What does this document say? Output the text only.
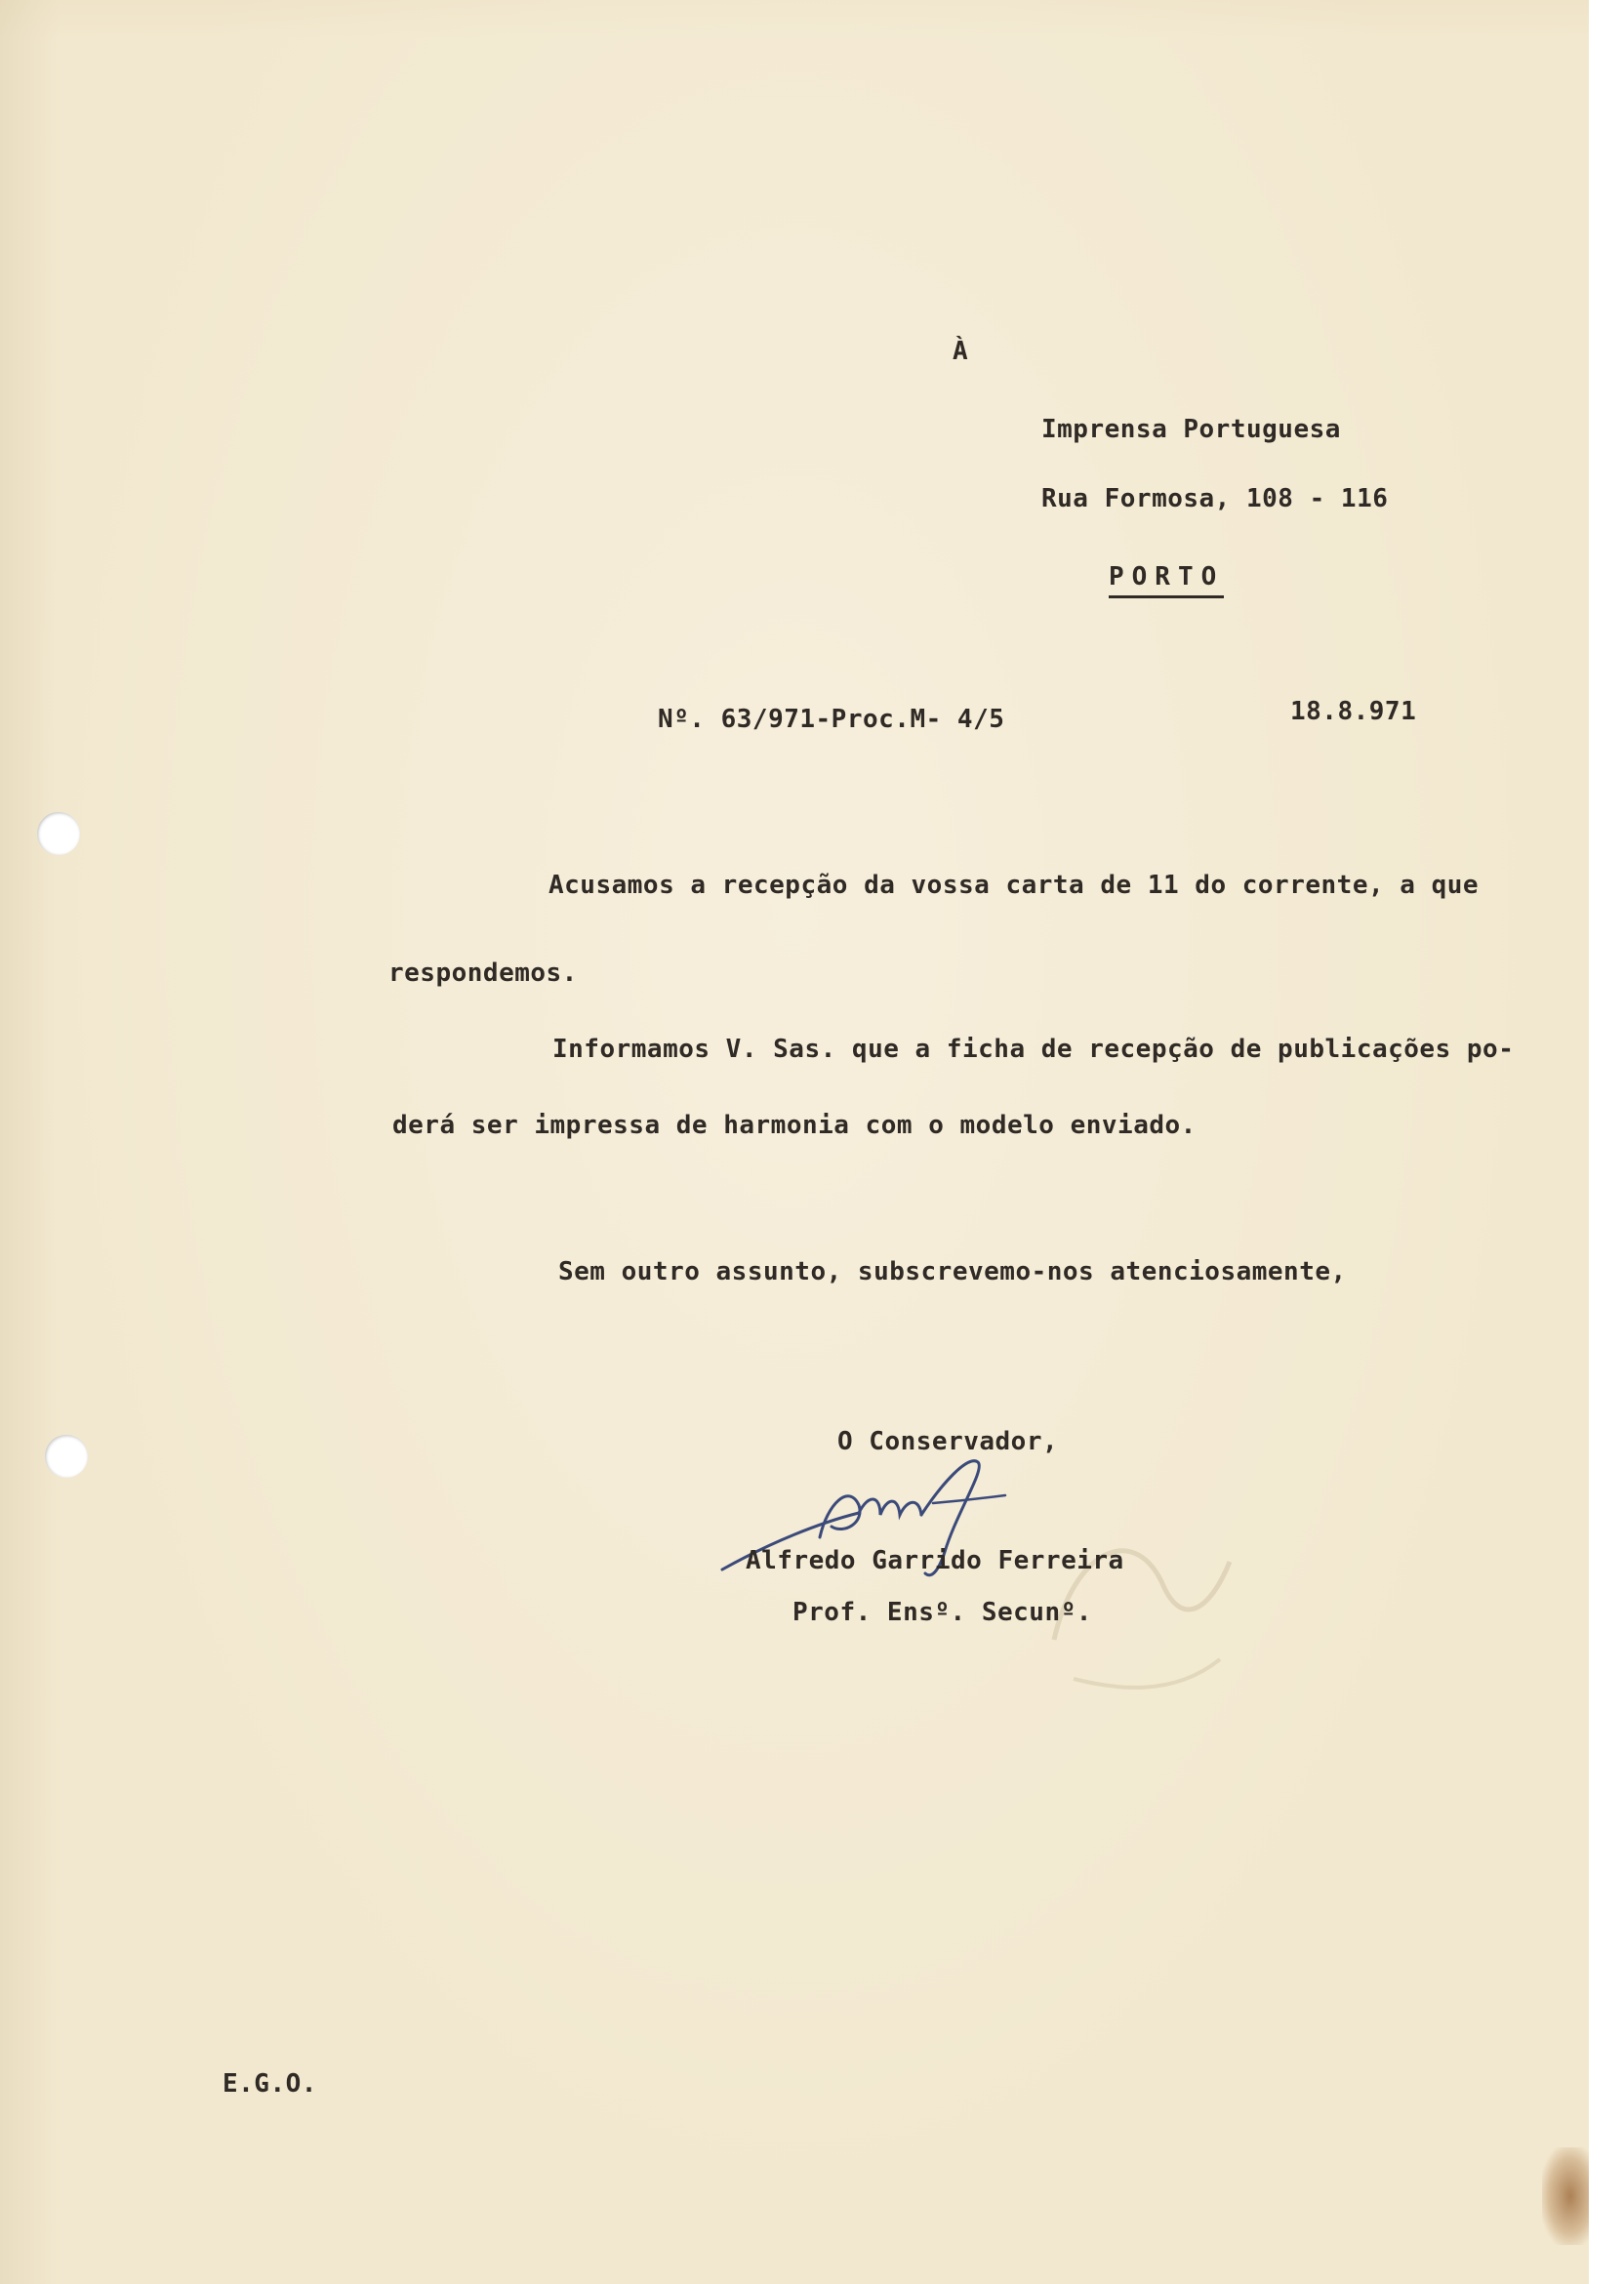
À
Imprensa Portuguesa
Rua Formosa, 108 - 116
PORTO
Nº. 63/971-Proc.M- 4/5	18.8.971
Acusamos a recepção da vossa carta de 11 do corrente, a que
respondemos.
Informamos V. Sas. que a ficha de recepção de publicações po-
derá ser impressa de harmonia com o modelo enviado.
Sem outro assunto, subscrevemo-nos atenciosamente,
O Conservador,
Alfredo Garrido Ferreira
Prof. Ensº. Secunº.
E.G.O.
